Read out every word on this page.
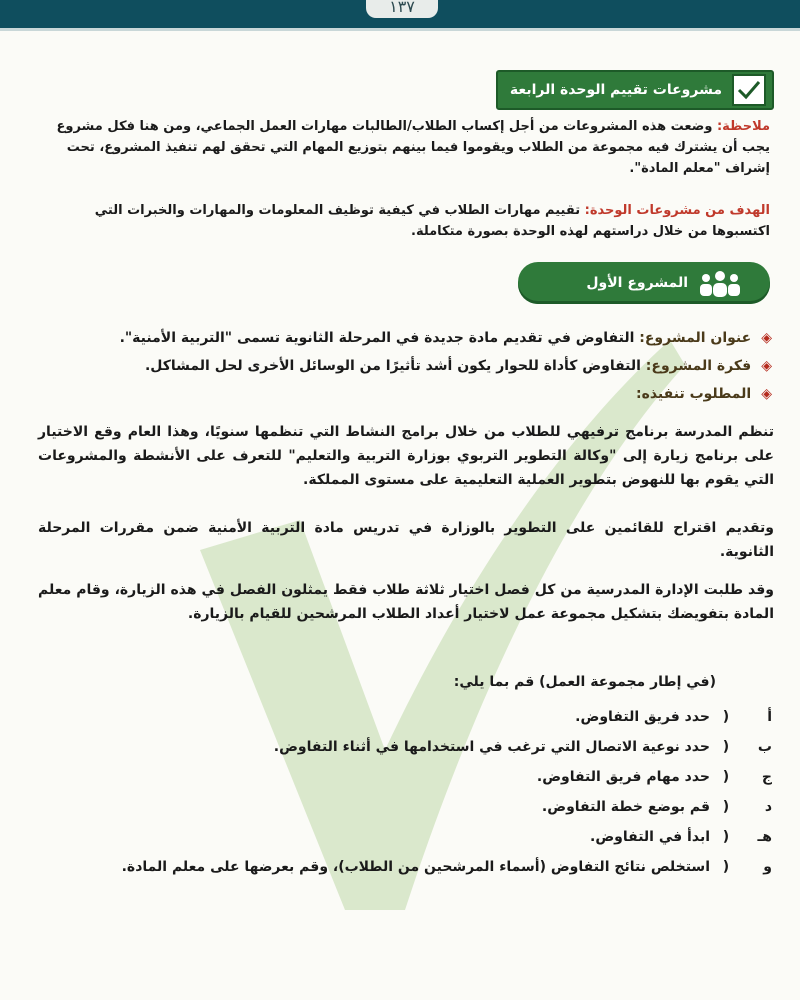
١٣٧
مشروعات تقييم الوحدة الرابعة
ملاحظة: وضعت هذه المشروعات من أجل إكساب الطلاب/الطالبات مهارات العمل الجماعي، ومن هنا فكل مشروع يجب أن يشترك فيه مجموعة من الطلاب ويقوموا فيما بينهم بتوزيع المهام التي تحقق لهم تنفيذ المشروع، تحت إشراف "معلم المادة".
الهدف من مشروعات الوحدة: تقييم مهارات الطلاب في كيفية توظيف المعلومات والمهارات والخبرات التي اكتسبوها من خلال دراستهم لهذه الوحدة بصورة متكاملة.
المشروع الأول
◈
عنوان المشروع: التفاوض في تقديم مادة جديدة في المرحلة الثانوية تسمى "التربية الأمنية".
◈
فكرة المشروع: التفاوض كأداة للحوار يكون أشد تأثيرًا من الوسائل الأخرى لحل المشاكل.
◈
المطلوب تنفيذه:
تنظم المدرسة برنامج ترفيهي للطلاب من خلال برامج النشاط التي تنظمها سنويًا، وهذا العام وقع الاختيار على برنامج زيارة إلى "وكالة التطوير التربوي بوزارة التربية والتعليم" للتعرف على الأنشطة والمشروعات التي يقوم بها للنهوض بتطوير العملية التعليمية على مستوى المملكة.
وتقديم اقتراح للقائمين على التطوير بالوزارة في تدريس مادة التربية الأمنية ضمن مقررات المرحلة الثانوية.
وقد طلبت الإدارة المدرسية من كل فصل اختيار ثلاثة طلاب فقط يمثلون الفصل في هذه الزيارة، وقام معلم المادة بتفويضك بتشكيل مجموعة عمل لاختيار أعداد الطلاب المرشحين للقيام بالزيارة.
(في إطار مجموعة العمل) قم بما يلي:
أ
)
حدد فريق التفاوض.
ب
)
حدد نوعية الاتصال التي ترغب في استخدامها في أثناء التفاوض.
ج
)
حدد مهام فريق التفاوض.
د
)
قم بوضع خطة التفاوض.
هـ
)
ابدأ في التفاوض.
و
)
استخلص نتائج التفاوض (أسماء المرشحين من الطلاب)، وقم بعرضها على معلم المادة.
